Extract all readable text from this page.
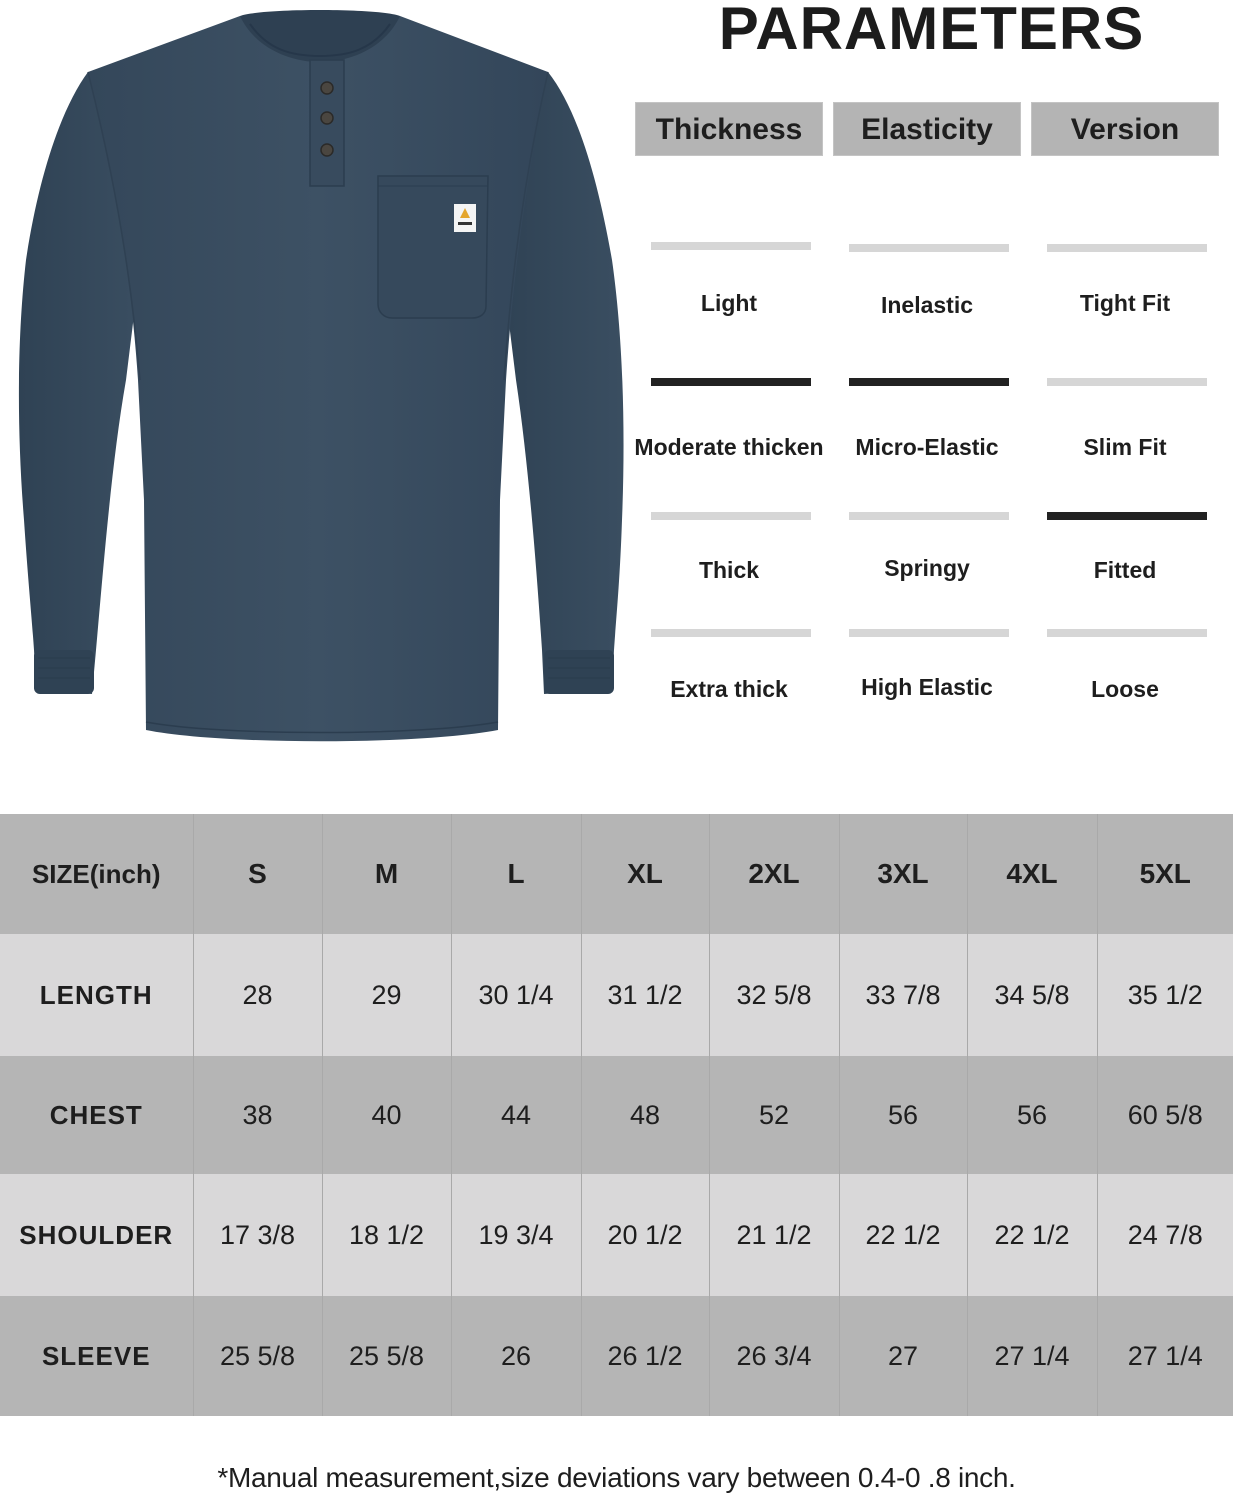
PARAMETERS
Thickness
Light
Moderate thicken
Thick
Extra thick
Elasticity
Inelastic
Micro-Elastic
Springy
High Elastic
Version
Tight Fit
Slim Fit
Fitted
Loose
SIZE(inch)	S	M	L	XL	2XL	3XL	4XL	5XL
LENGTH	28	29	30 1/4	31 1/2	32 5/8	33 7/8	34 5/8	35 1/2
CHEST	38	40	44	48	52	56	56	60 5/8
SHOULDER	17 3/8	18 1/2	19 3/4	20 1/2	21 1/2	22 1/2	22 1/2	24 7/8
SLEEVE	25 5/8	25 5/8	26	26 1/2	26 3/4	27	27 1/4	27 1/4
*Manual measurement,size deviations vary between 0.4-0 .8 inch.
